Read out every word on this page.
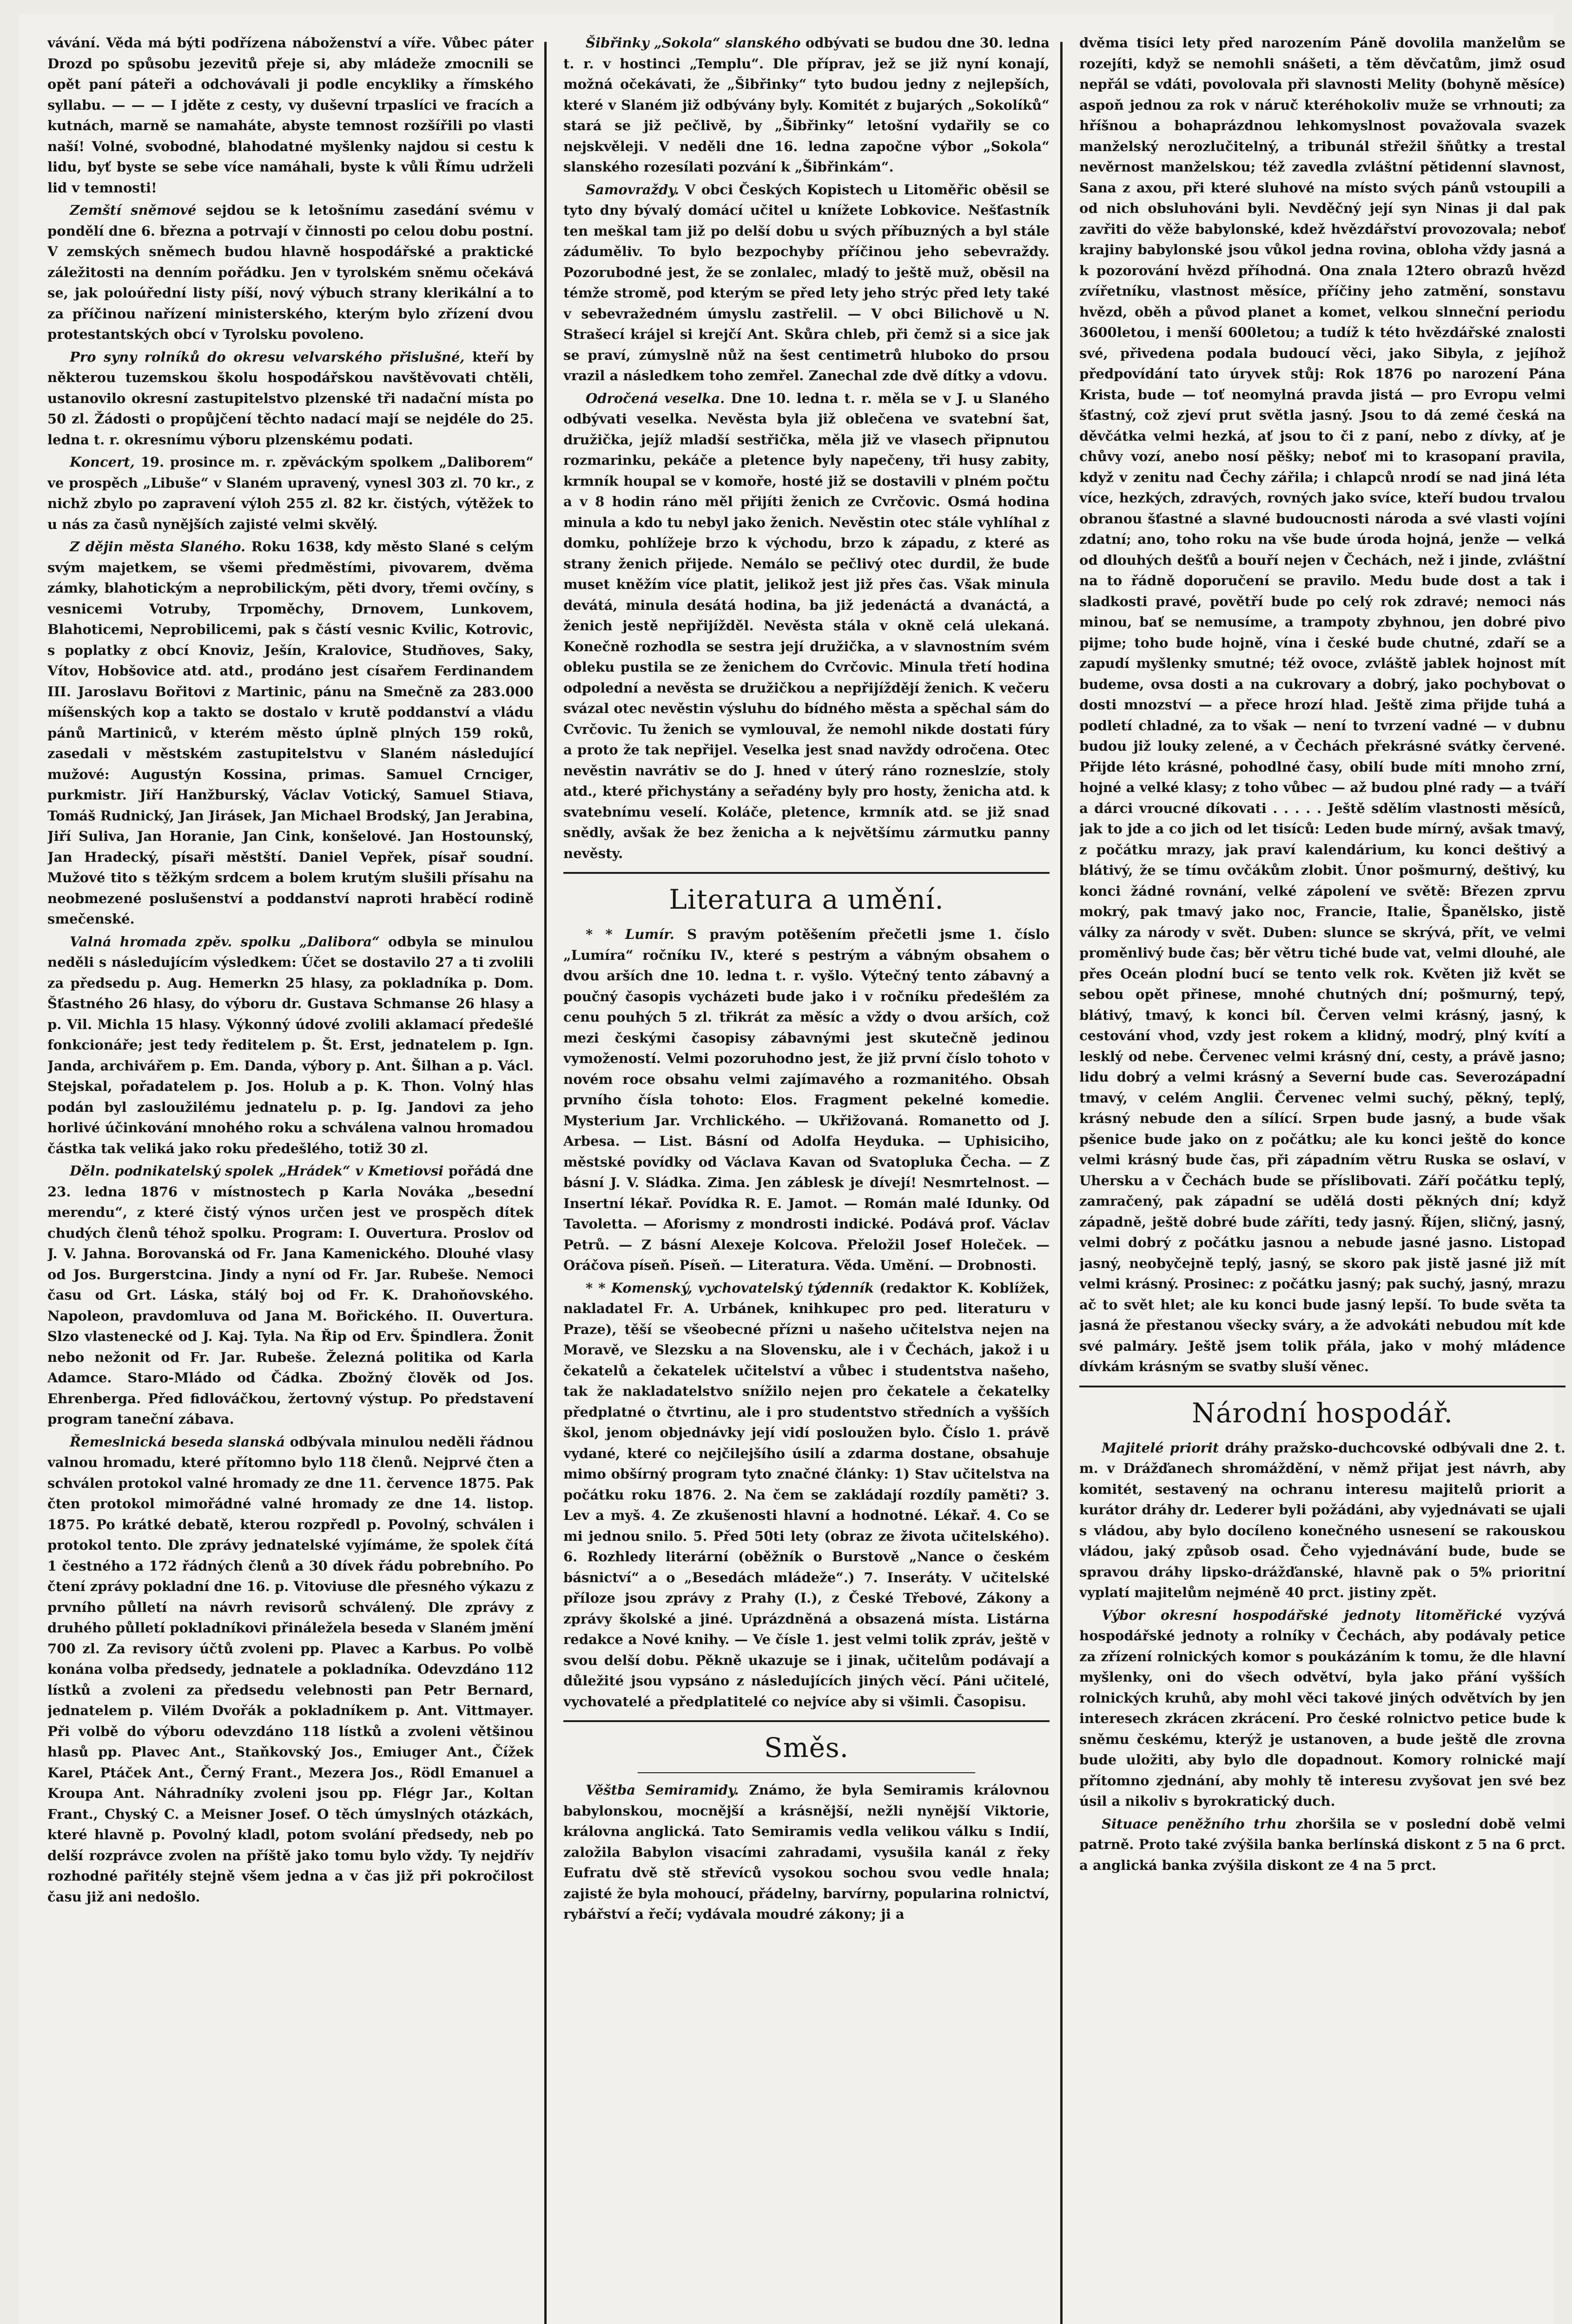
vávání. Věda má býti podřízena náboženství a víře. Vůbec páter Drozd po spůsobu jezevitů přeje si, aby mládeže zmocnili se opět paní páteři a odchovávali ji podle encykliky a římského syllabu. — — — I jděte z cesty, vy duševní trpaslíci ve fracích a kutnách, marně se namaháte, abyste temnost rozšířili po vlasti naší! Volné, svobodné, blahodatné myšlenky najdou si cestu k lidu, byť byste se sebe více namáhali, byste k vůli Římu udrželi lid v temnosti!

Zemští sněmové sejdou se k letošnímu zasedání svému v pondělí dne 6. března a potrvají v činnosti po celou dobu postní. V zemských sněmech budou hlavně hospodářské a praktické záležitosti na denním pořádku. Jen v tyrolském sněmu očekává se, jak poloúřední listy píší, nový výbuch strany klerikální a to za příčinou nařízení ministerského, kterým bylo zřízení dvou protestantských obcí v Tyrolsku povoleno.

Pro syny rolníků do okresu velvarského přislušné, kteří by některou tuzemskou školu hospodářskou navštěvovati chtěli, ustanovilo okresní zastupitelstvo plzenské tři nadační místa po 50 zl. Žádosti o propůjčení těchto nadací mají se nejdéle do 25. ledna t. r. okresnímu výboru plzenskému podati.

Koncert, 19. prosince m. r. zpěváckým spolkem „Daliborem“ ve prospěch „Libuše“ v Slaném upravený, vynesl 303 zl. 70 kr., z nichž zbylo po zapravení výloh 255 zl. 82 kr. čistých, výtěžek to u nás za časů nynějších zajisté velmi skvělý.

Z dějin města Slaného. Roku 1638, kdy město Slané s celým svým majetkem, se všemi předměstími, pivovarem, dvěma zámky, blahotickým a neprobilickým, pěti dvory, třemi ovčíny, s vesnicemi Votruby, Trpoměchy, Drnovem, Lunkovem, Blahoticemi, Neprobilicemi, pak s částí vesnic Kvilic, Kotrovic, s poplatky z obcí Knoviz, Ješín, Kralovice, Studňoves, Saky, Vítov, Hobšovice atd. atd., prodáno jest císařem Ferdinandem III. Jaroslavu Bořitovi z Martinic, pánu na Smečně za 283.000 míšenských kop a takto se dostalo v krutě poddanství a vládu pánů Martiniců, v kterém město úplně plných 159 roků, zasedali v městském zastupitelstvu v Slaném následující mužové: Augustýn Kossina, primas. Samuel Crnciger, purkmistr. Jiří Hanžburský, Václav Votický, Samuel Stiava, Tomáš Rudnický, Jan Jirásek, Jan Michael Brodský, Jan Jerabina, Jiří Suliva, Jan Horanie, Jan Cink, konšelové. Jan Hostounský, Jan Hradecký, písaři městští. Daniel Vepřek, písař soudní. Mužové tito s těžkým srdcem a bolem krutým slušili přísahu na neobmezené poslušenství a poddanství naproti hraběcí rodině smečenské.

Valná hromada zpěv. spolku „Dalibora“ odbyla se minulou neděli s následujícím výsledkem: Účet se dostavilo 27 a ti zvolili za předsedu p. Aug. Hemerkn 25 hlasy, za pokladníka p. Dom. Šťastného 26 hlasy, do výboru dr. Gustava Schmanse 26 hlasy a p. Vil. Michla 15 hlasy. Výkonný údové zvolili aklamací předešlé fonkcionáře; jest tedy ředitelem p. Št. Erst, jednatelem p. Ign. Janda, archivářem p. Em. Danda, výbory p. Ant. Šilhan a p. Václ. Stejskal, pořadatelem p. Jos. Holub a p. K. Thon. Volný hlas podán byl zasloužilému jednatelu p. p. Ig. Jandovi za jeho horlivé účinkování mnohého roku a schválena valnou hromadou částka tak veliká jako roku předešlého, totiž 30 zl.

Děln. podnikatelský spolek „Hrádek“ v Kmetiovsi pořádá dne 23. ledna 1876 v místnostech p Karla Nováka „besední merendu“, z které čistý výnos určen jest ve prospěch dítek chudých členů téhož spolku. Program: I. Ouvertura. Proslov od J. V. Jahna. Borovanská od Fr. Jana Kamenického. Dlouhé vlasy od Jos. Burgerstcina. Jindy a nyní od Fr. Jar. Rubeše. Nemoci času od Grt. Láska, stálý boj od Fr. K. Drahoňovského. Napoleon, pravdomluva od Jana M. Bořického. II. Ouvertura. Slzo vlastenecké od J. Kaj. Tyla. Na Řip od Erv. Špindlera. Žonit nebo nežonit od Fr. Jar. Rubeše. Železná politika od Karla Adamce. Staro-Mládo od Čádka. Zbožný člověk od Jos. Ehrenberga. Před fidlováčkou, žertovný výstup. Po představení program taneční zábava.

Řemeslnická beseda slanská odbývala minulou neděli řádnou valnou hromadu, které přítomno bylo 118 členů. Nejprvé čten a schválen protokol valné hromady ze dne 11. července 1875. Pak čten protokol mimořádné valné hromady ze dne 14. listop. 1875. Po krátké debatě, kterou rozpředl p. Povolný, schválen i protokol tento. Dle zprávy jednatelské vyjímáme, že spolek čítá 1 čestného a 172 řádných členů a 30 dívek řádu pobrebního. Po čtení zprávy pokladní dne 16. p. Vitoviuse dle přesného výkazu z prvního půlletí na návrh revisorů schválený. Dle zprávy z druhého půlletí pokladníkovi přináležela beseda v Slaném jmění 700 zl. Za revisory účtů zvoleni pp. Plavec a Karbus. Po volbě konána volba předsedy, jednatele a pokladníka. Odevzdáno 112 lístků a zvoleni za předsedu velebnosti pan Petr Bernard, jednatelem p. Vilém Dvořák a pokladníkem p. Ant. Vittmayer. Při volbě do výboru odevzdáno 118 lístků a zvoleni většinou hlasů pp. Plavec Ant., Staňkovský Jos., Emiuger Ant., Čížek Karel, Ptáček Ant., Černý Frant., Mezera Jos., Rödl Emanuel a Kroupa Ant. Náhradníky zvoleni jsou pp. Flégr Jar., Koltan Frant., Chyský C. a Meisner Josef. O těch úmyslných otázkách, které hlavně p. Povolný kladl, potom svolání předsedy, neb po delší rozprávce zvolen na příště jako tomu bylo vždy. Ty nejdřív rozhodné pařitély stejně všem jedna a v čas již při pokročilost času již ani nedošlo.

Šibřinky „Sokola“ slanského odbývati se budou dne 30. ledna t. r. v hostinci „Templu“. Dle příprav, jež se již nyní konají, možná očekávati, že „Šibřinky“ tyto budou jedny z nejlepších, které v Slaném již odbývány byly. Komitét z bujarých „Sokolíků“ stará se již pečlivě, by „Šibřinky“ letošní vydařily se co nejskvěleji. V neděli dne 16. ledna započne výbor „Sokola“ slanského rozesílati pozvání k „Šibřinkám“.

Samovraždy. V obci Českých Kopistech u Litoměřic oběsil se tyto dny bývalý domácí učitel u knížete Lobkovice. Nešťastník ten meškal tam již po delší dobu u svých příbuzných a byl stále záduměliv. To bylo bezpochyby příčinou jeho sebevraždy. Pozorubodné jest, že se zonlalec, mladý to ještě muž, oběsil na témže stromě, pod kterým se před lety jeho strýc před lety také v sebevražedném úmyslu zastřelil. — V obci Bilichově u N. Strašecí krájel si krejčí Ant. Skůra chleb, při čemž si a sice jak se praví, zúmyslně nůž na šest centimetrů hluboko do prsou vrazil a následkem toho zemřel. Zanechal zde dvě dítky a vdovu.

Odročená veselka. Dne 10. ledna t. r. měla se v J. u Slaného odbývati veselka. Nevěsta byla již oblečena ve svatební šat, družička, jejíž mladší sestřička, měla již ve vlasech připnutou rozmarinku, pekáče a pletence byly napečeny, tři husy zabity, krmník houpal se v komoře, hosté již se dostavili v plném počtu a v 8 hodin ráno měl přijíti ženich ze Cvrčovic. Osmá hodina minula a kdo tu nebyl jako ženich. Nevěstin otec stále vyhlíhal z domku, pohlížeje brzo k východu, brzo k západu, z které as strany ženich přijede. Nemálo se pečlivý otec durdil, že bude muset kněžím více platit, jelikož jest již přes čas. Však minula devátá, minula desátá hodina, ba již jedenáctá a dvanáctá, a ženich jestě nepřijížděl. Nevěsta stála v okně celá ulekaná. Konečně rozhodla se sestra její družička, a v slavnostním svém obleku pustila se ze ženichem do Cvrčovic. Minula třetí hodina odpolední a nevěsta se družičkou a nepřijíždějí ženich. K večeru svázal otec nevěstin výsluhu do bídného města a spěchal sám do Cvrčovic. Tu ženich se vymlouval, že nemohl nikde dostati fúry a proto že tak nepřijel. Veselka jest snad navždy odročena. Otec nevěstin navrátiv se do J. hned v úterý ráno rozneslzíe, stoly atd., které přichystány a seřadény byly pro hosty, ženicha atd. k svatebnímu veselí. Koláče, pletence, krmník atd. se již snad snědly, avšak že bez ženicha a k největšímu zármutku panny nevěsty.

Literatura a umění.

* * Lumír. S pravým potěšením přečetli jsme 1. číslo „Lumíra“ ročníku IV., které s pestrým a vábným obsahem o dvou arších dne 10. ledna t. r. vyšlo. Výtečný tento zábavný a poučný časopis vycházeti bude jako i v ročníku předešlém za cenu pouhých 5 zl. třikrát za měsíc a vždy o dvou arších, což mezi českými časopisy zábavnými jest skutečně jedinou vymožeností. Velmi pozoruhodno jest, že již první číslo tohoto v novém roce obsahu velmi zajímavého a rozmanitého. Obsah prvního čísla tohoto: Elos. Fragment pekelné komedie. Mysterium Jar. Vrchlického. — Ukřižovaná. Romanetto od J. Arbesa. — List. Básní od Adolfa Heyduka. — Uphisiciho, městské povídky od Václava Kavan od Svatopluka Čecha. — Z básní J. V. Sládka. Zima. Jen záblesk je dívejí! Nesmrtelnost. — Insertní lékař. Povídka R. E. Jamot. — Román malé Idunky. Od Tavoletta. — Aforismy z mondrosti indické. Podává prof. Václav Petrů. — Z básní Alexeje Kolcova. Přeložil Josef Holeček. — Oráčova píseň. Píseň. — Literatura. Věda. Umění. — Drobnosti.

* * Komenský, vychovatelský týdenník (redaktor K. Koblížek, nakladatel Fr. A. Urbánek, knihkupec pro ped. literaturu v Praze), těší se všeobecné přízni u našeho učitelstva nejen na Moravě, ve Slezsku a na Slovensku, ale i v Čechách, jakož i u čekatelů a čekatelek učitelství a vůbec i studentstva našeho, tak že nakladatelstvo snížilo nejen pro čekatele a čekatelky předplatné o čtvrtinu, ale i pro studentstvo středních a vyšších škol, jenom objednávky její vidí posloužen bylo. Číslo 1. právě vydané, které co nejčilejšího úsilí a zdarma dostane, obsahuje mimo obšírný program tyto značné články: 1) Stav učitelstva na počátku roku 1876. 2. Na čem se zakládají rozdíly paměti? 3. Lev a myš. 4. Ze zkušenosti hlavní a hodnotné. Lékař. 4. Co se mi jednou snilo. 5. Před 50ti lety (obraz ze života učitelského). 6. Rozhledy literární (oběžník o Burstově „Nance o českém básnictví“ a o „Besedách mládeže“.) 7. Inseráty. V učitelské příloze jsou zprávy z Prahy (I.), z České Třebové, Zákony a zprávy školské a jiné. Uprázdněná a obsazená místa. Listárna redakce a Nové knihy. — Ve čísle 1. jest velmi tolik zpráv, ještě v svou delší dobu. Pěkně ukazuje se i jinak, učitelům podávají a důležité jsou vypsáno z následujících jiných věcí. Páni učitelé, vychovatelé a předplatitelé co nejvíce aby si všimli. Časopisu.

Směs.

Věštba Semiramidy. Známo, že byla Semiramis královnou babylonskou, mocnější a krásnější, nežli nynější Viktorie, královna anglická. Tato Semiramis vedla velikou válku s Indií, založila Babylon visacími zahradami, vysušila kanál z řeky Eufratu dvě stě střevíců vysokou sochou svou vedle hnala; zajisté že byla mohoucí, přádelny, barvírny, popularina rolnictví, rybářství a řečí; vydávala moudré zákony; ji a

dvěma tisíci lety před narozením Páně dovolila manželům se rozejíti, když se nemohli snášeti, a těm děvčatům, jimž osud nepřál se vdáti, povolovala při slavnosti Melity (bohyně měsíce) aspoň jednou za rok v náruč kteréhokoliv muže se vrhnouti; za hříšnou a bohaprázdnou lehkomyslnost považovala svazek manželský nerozlučitelný, a tribunál střežil šňůtky a trestal nevěrnost manželskou; též zavedla zvláštní pětidenní slavnost, Sana z axou, při které sluhové na místo svých pánů vstoupili a od nich obsluhováni byli. Nevděčný její syn Ninas ji dal pak zavřiti do věže babylonské, kdež hvězdářství provozovala; neboť krajiny babylonské jsou vůkol jedna rovina, obloha vždy jasná a k pozorování hvězd příhodná. Ona znala 12tero obrazů hvězd zvířetníku, vlastnost měsíce, příčiny jeho zatmění, sonstavu hvězd, oběh a původ planet a komet, velkou slnneční periodu 3600letou, i menší 600letou; a tudíž k této hvězdářské znalosti své, přivedena podala budoucí věci, jako Sibyla, z jejíhož předpovídání tato úryvek stůj: Rok 1876 po narození Pána Krista, bude — toť neomylná pravda jistá — pro Evropu velmi šťastný, což zjeví prut světla jasný. Jsou to dá zemé česká na děvčátka velmi hezká, ať jsou to či z paní, nebo z dívky, ať je chůvy vozí, anebo nosí pěšky; neboť mi to krasopaní pravila, když v zenitu nad Čechy zářila; i chlapců nrodí se nad jiná léta více, hezkých, zdravých, rovných jako svíce, kteří budou trvalou obranou šťastné a slavné budoucnosti národa a své vlasti vojíni zdatní; ano, toho roku na vše bude úroda hojná, jenže — velká od dlouhých dešťů a bouří nejen v Čechách, než i jinde, zvláštní na to řádně doporučení se pravilo. Medu bude dost a tak i sladkosti pravé, povětří bude po celý rok zdravé; nemoci nás minou, bať se nemusíme, a trampoty zbyhnou, jen dobré pivo pijme; toho bude hojně, vína i české bude chutné, zdaří se a zapudí myšlenky smutné; též ovoce, zvláště jablek hojnost mít budeme, ovsa dosti a na cukrovary a dobrý, jako pochybovat o dosti mnozství — a přece hrozí hlad. Ještě zima přijde tuhá a podletí chladné, za to však — není to tvrzení vadné — v dubnu budou již louky zelené, a v Čechách překrásné svátky červené. Přijde léto krásné, pohodlné časy, obilí bude míti mnoho zrní, hojné a velké klasy; z toho vůbec — až budou plné rady — a tváří a dárci vroucné díkovati . . . . . Ještě sdělím vlastnosti měsíců, jak to jde a co jich od let tisíců: Leden bude mírný, avšak tmavý, z počátku mrazy, jak praví kalendárium, ku konci deštivý a blátivý, že se tímu ovčákům zlobit. Únor pošmurný, deštivý, ku konci žádné rovnání, velké zápolení ve světě: Březen zprvu mokrý, pak tmavý jako noc, Francie, Italie, Španělsko, jistě války za národy v svět. Duben: slunce se skrývá, přít, ve velmi proměnlivý bude čas; běr větru tiché bude vat, velmi dlouhé, ale přes Oceán plodní bucí se tento velk rok. Květen již květ se sebou opět přinese, mnohé chutných dní; pošmurný, tepý, blátivý, tmavý, k konci bíl. Červen velmi krásný, jasný, k cestování vhod, vzdy jest rokem a klidný, modrý, plný kvítí a lesklý od nebe. Červenec velmi krásný dní, cesty, a právě jasno; lidu dobrý a velmi krásný a Severní bude cas. Severozápadní tmavý, v celém Anglii. Červenec velmi suchý, pěkný, teplý, krásný nebude den a sílící. Srpen bude jasný, a bude však pšenice bude jako on z počátku; ale ku konci ještě do konce velmi krásný bude čas, při západním větru Ruska se oslaví, v Uhersku a v Čechách bude se příslibovati. Září počátku teplý, zamračený, pak západní se udělá dosti pěkných dní; když západně, ještě dobré bude záříti, tedy jasný. Říjen, sličný, jasný, velmi dobrý z počátku jasnou a nebude jasné jasno. Listopad jasný, neobyčejně teplý, jasný, se skoro pak jistě jasné již mít velmi krásný. Prosinec: z počátku jasný; pak suchý, jasný, mrazu ač to svět hlet; ale ku konci bude jasný lepší. To bude světa ta jasná že přestanou všecky sváry, a že advokáti nebudou mít kde své palmáry. Ještě jsem tolik přála, jako v mohý mládence dívkám krásným se svatby sluší věnec.

Národní hospodář.

Majitelé priorit dráhy pražsko-duchcovské odbývali dne 2. t. m. v Drážďanech shromáždění, v němž přijat jest návrh, aby komitét, sestavený na ochranu interesu majitelů priorit a kurátor dráhy dr. Lederer byli požádáni, aby vyjednávati se ujali s vládou, aby bylo docíleno konečného usnesení se rakouskou vládou, jaký způsob osad. Čeho vyjednávání bude, bude se spravou dráhy lipsko-drážďanské, hlavně pak o 5% prioritní vyplatí majitelům nejméně 40 prct. jistiny zpět.

Výbor okresní hospodářské jednoty litoměřické vyzývá hospodářské jednoty a rolníky v Čechách, aby podávaly petice za zřízení rolnických komor s poukázáním k tomu, že dle hlavní myšlenky, oni do všech odvětví, byla jako přání vyšších rolnických kruhů, aby mohl věci takové jiných odvětvích by jen interesech zkrácen zkrácení. Pro české rolnictvo petice bude k sněmu českému, kterýž je ustanoven, a bude ještě dle zrovna bude uložiti, aby bylo dle dopadnout. Komory rolnické mají přítomno zjednání, aby mohly tě interesu zvyšovat jen své bez úsil a nikoliv s byrokratický duch.

Situace peněžního trhu zhoršila se v poslední době velmi patrně. Proto také zvýšila banka berlínská diskont z 5 na 6 prct. a anglická banka zvýšila diskont ze 4 na 5 prct.
